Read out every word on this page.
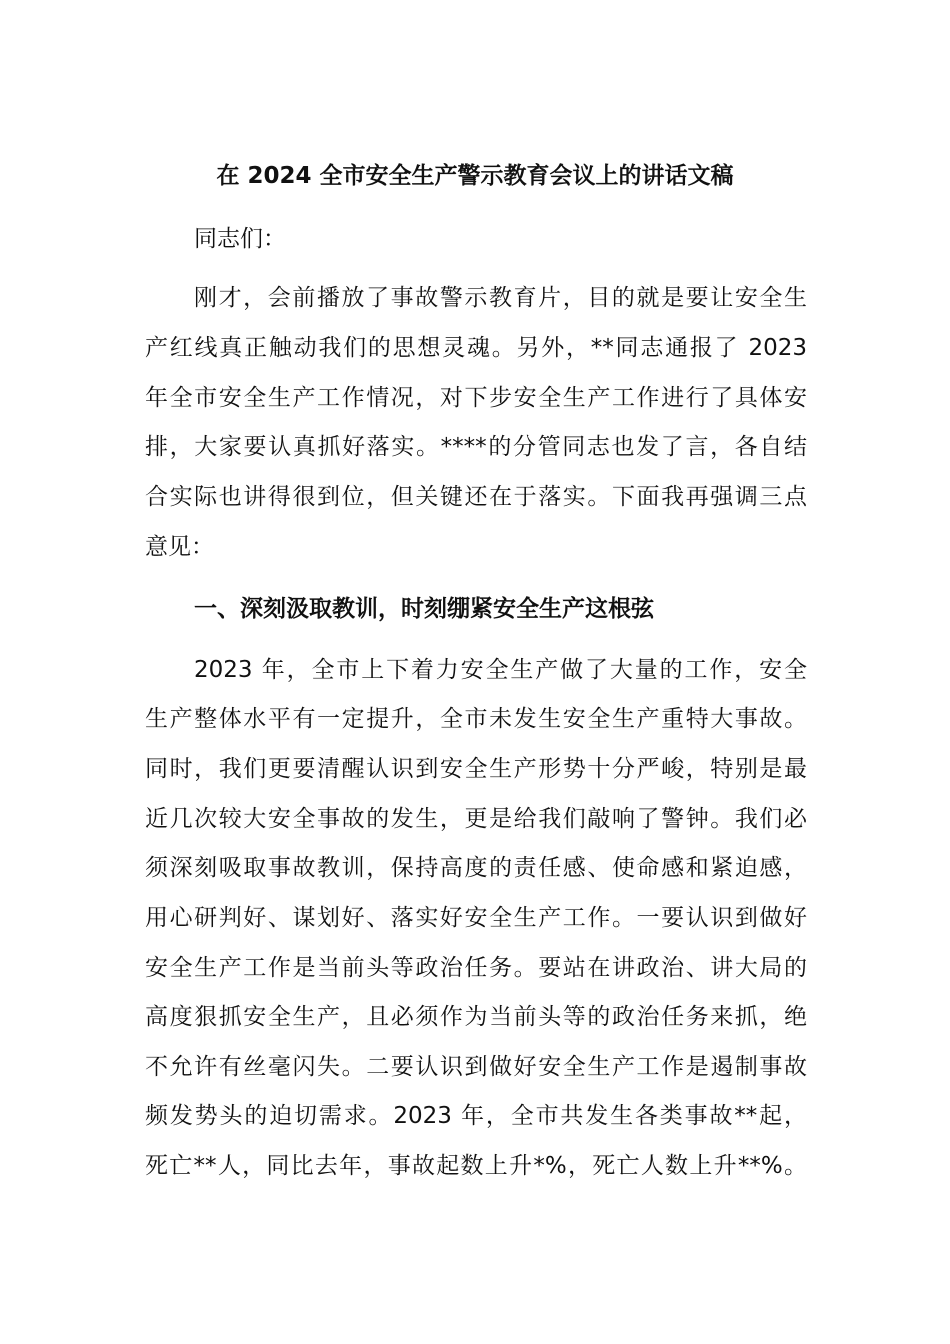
在 2024 全市安全生产警示教育会议上的讲话文稿
同志们：
刚才，会前播放了事故警示教育片，目的就是要让安全生
产红线真正触动我们的思想灵魂。另外，**同志通报了 2023
年全市安全生产工作情况，对下步安全生产工作进行了具体安
排，大家要认真抓好落实。****的分管同志也发了言，各自结
合实际也讲得很到位，但关键还在于落实。下面我再强调三点
意见：
一、深刻汲取教训，时刻绷紧安全生产这根弦
2023 年，全市上下着力安全生产做了大量的工作，安全
生产整体水平有一定提升，全市未发生安全生产重特大事故。
同时，我们更要清醒认识到安全生产形势十分严峻，特别是最
近几次较大安全事故的发生，更是给我们敲响了警钟。我们必
须深刻吸取事故教训，保持高度的责任感、使命感和紧迫感，
用心研判好、谋划好、落实好安全生产工作。一要认识到做好
安全生产工作是当前头等政治任务。要站在讲政治、讲大局的
高度狠抓安全生产，且必须作为当前头等的政治任务来抓，绝
不允许有丝毫闪失。二要认识到做好安全生产工作是遏制事故
频发势头的迫切需求。2023 年，全市共发生各类事故**起，
死亡**人，同比去年，事故起数上升*%，死亡人数上升**%。
